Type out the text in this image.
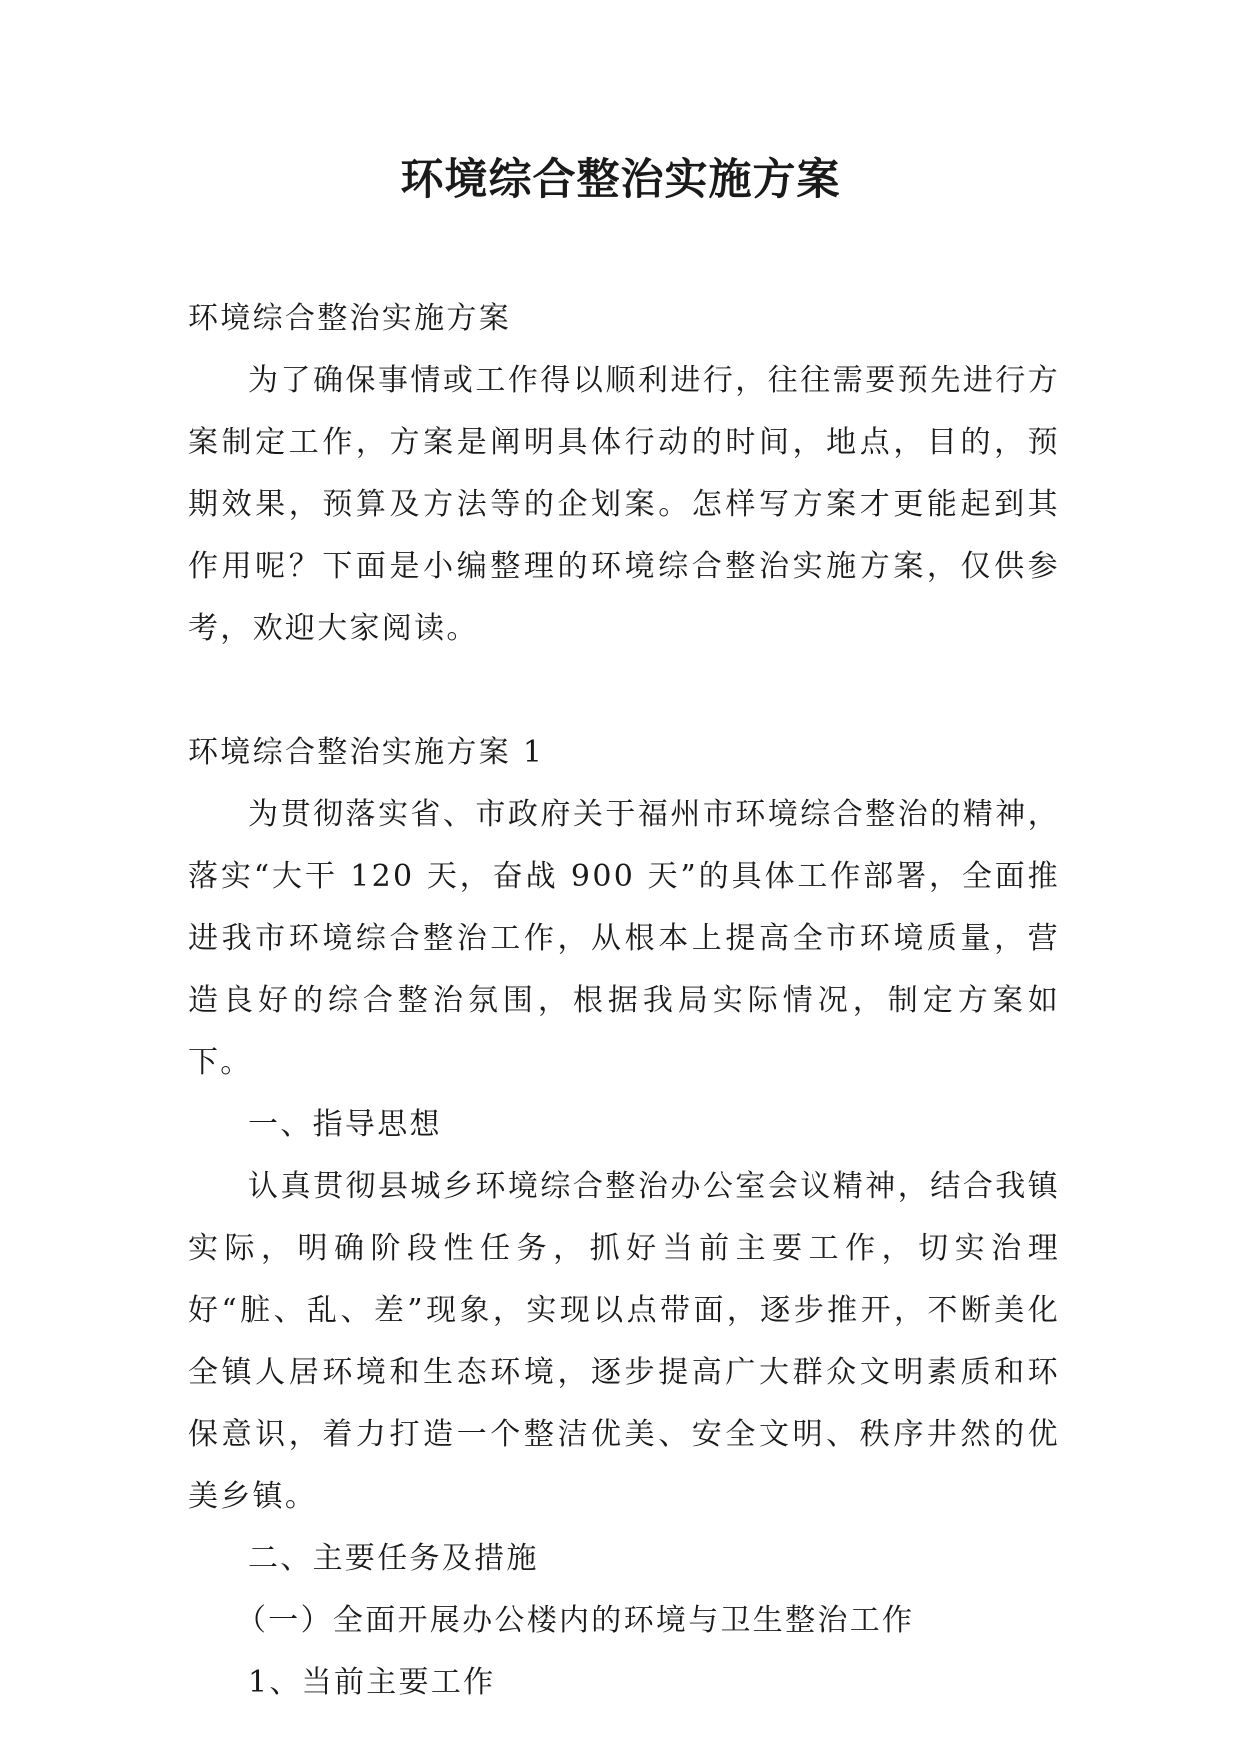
环境综合整治实施方案

环境综合整治实施方案

为了确保事情或工作得以顺利进行，往往需要预先进行方案制定工作，方案是阐明具体行动的时间，地点，目的，预期效果，预算及方法等的企划案。怎样写方案才更能起到其作用呢？下面是小编整理的环境综合整治实施方案，仅供参考，欢迎大家阅读。

环境综合整治实施方案 1

为贯彻落实省、市政府关于福州市环境综合整治的精神，落实“大干 120 天，奋战 900 天”的具体工作部署，全面推进我市环境综合整治工作，从根本上提高全市环境质量，营造良好的综合整治氛围，根据我局实际情况，制定方案如下。

一、指导思想

认真贯彻县城乡环境综合整治办公室会议精神，结合我镇实际，明确阶段性任务，抓好当前主要工作，切实治理好“脏、乱、差”现象，实现以点带面，逐步推开，不断美化全镇人居环境和生态环境，逐步提高广大群众文明素质和环保意识，着力打造一个整洁优美、安全文明、秩序井然的优美乡镇。

二、主要任务及措施

（一）全面开展办公楼内的环境与卫生整治工作

1、当前主要工作
